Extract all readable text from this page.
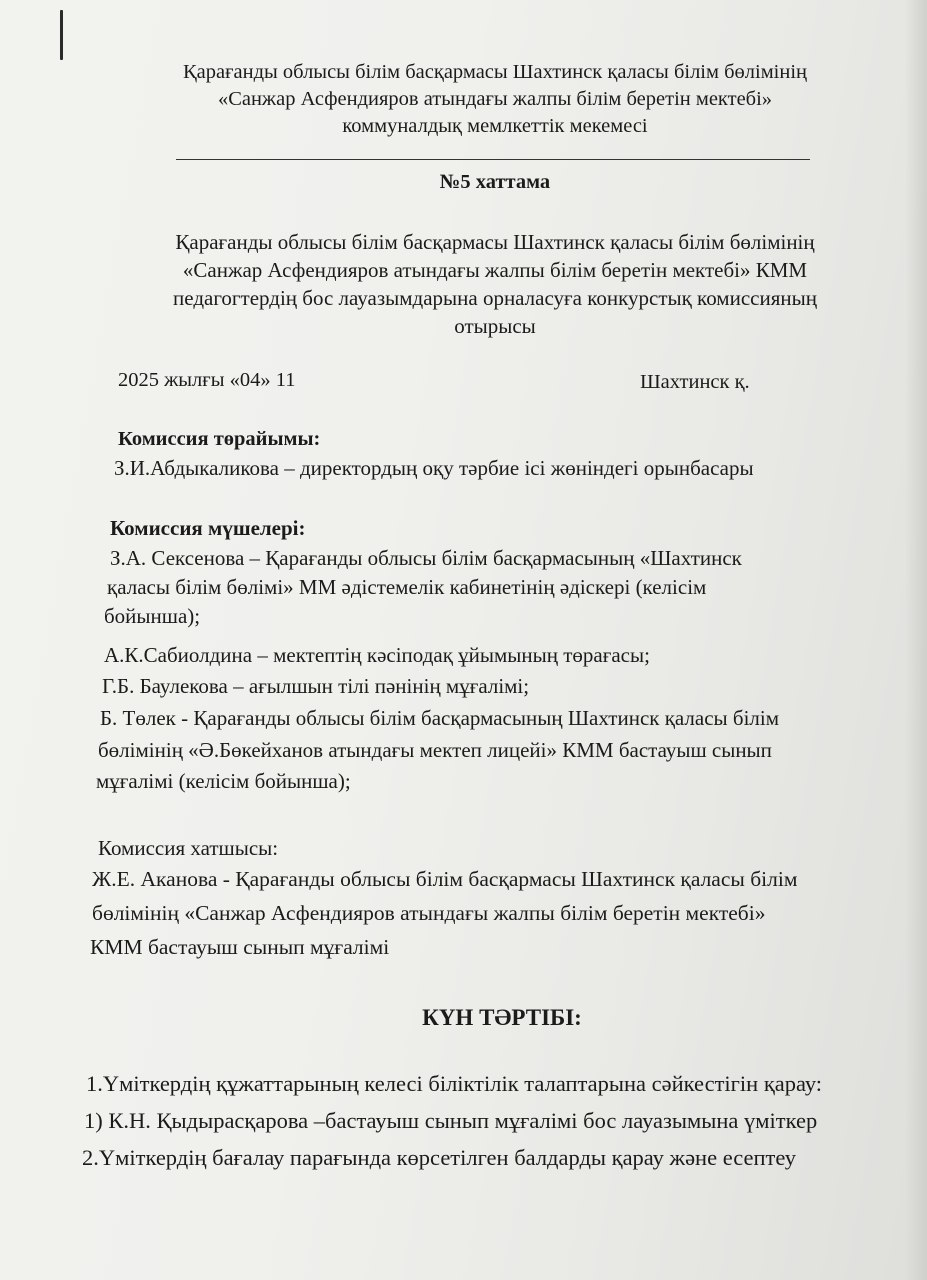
Қарағанды облысы білім басқармасы Шахтинск қаласы білім бөлімінің
«Санжар Асфендияров атындағы жалпы білім беретін мектебі»
коммуналдық мемлкеттік мекемесі
№5 хаттама
Қарағанды облысы білім басқармасы Шахтинск қаласы білім бөлімінің
«Санжар Асфендияров атындағы жалпы білім беретін мектебі» КММ
педагогтердің бос лауазымдарына орналасуға конкурстық комиссияның
отырысы
2025 жылғы «04» 11	Шахтинск қ.
Комиссия төрайымы:
З.И.Абдыкаликова – директордың оқу тәрбие ісі жөніндегі орынбасары
Комиссия мүшелері:
З.А. Сексенова – Қарағанды облысы білім басқармасының «Шахтинск
қаласы білім бөлімі» ММ әдістемелік кабинетінің әдіскері (келісім
бойынша);
А.К.Сабиолдина – мектептің кәсіподақ ұйымының төрағасы;
Г.Б. Баулекова – ағылшын тілі пәнінің мұғалімі;
Б. Төлек - Қарағанды облысы білім басқармасының Шахтинск қаласы білім
бөлімінің «Ә.Бөкейханов атындағы мектеп лицейі» КММ бастауыш сынып
мұғалімі (келісім бойынша);
Комиссия хатшысы:
Ж.Е. Аканова - Қарағанды облысы білім басқармасы Шахтинск қаласы білім
бөлімінің «Санжар Асфендияров атындағы жалпы білім беретін мектебі»
КММ бастауыш сынып мұғалімі
КҮН ТӘРТІБІ:
1.Үміткердің құжаттарының келесі біліктілік талаптарына сәйкестігін қарау:
1) К.Н. Қыдырасқарова –бастауыш сынып мұғалімі бос лауазымына үміткер
2.Үміткердің бағалау парағында көрсетілген балдарды қарау және есептеу
